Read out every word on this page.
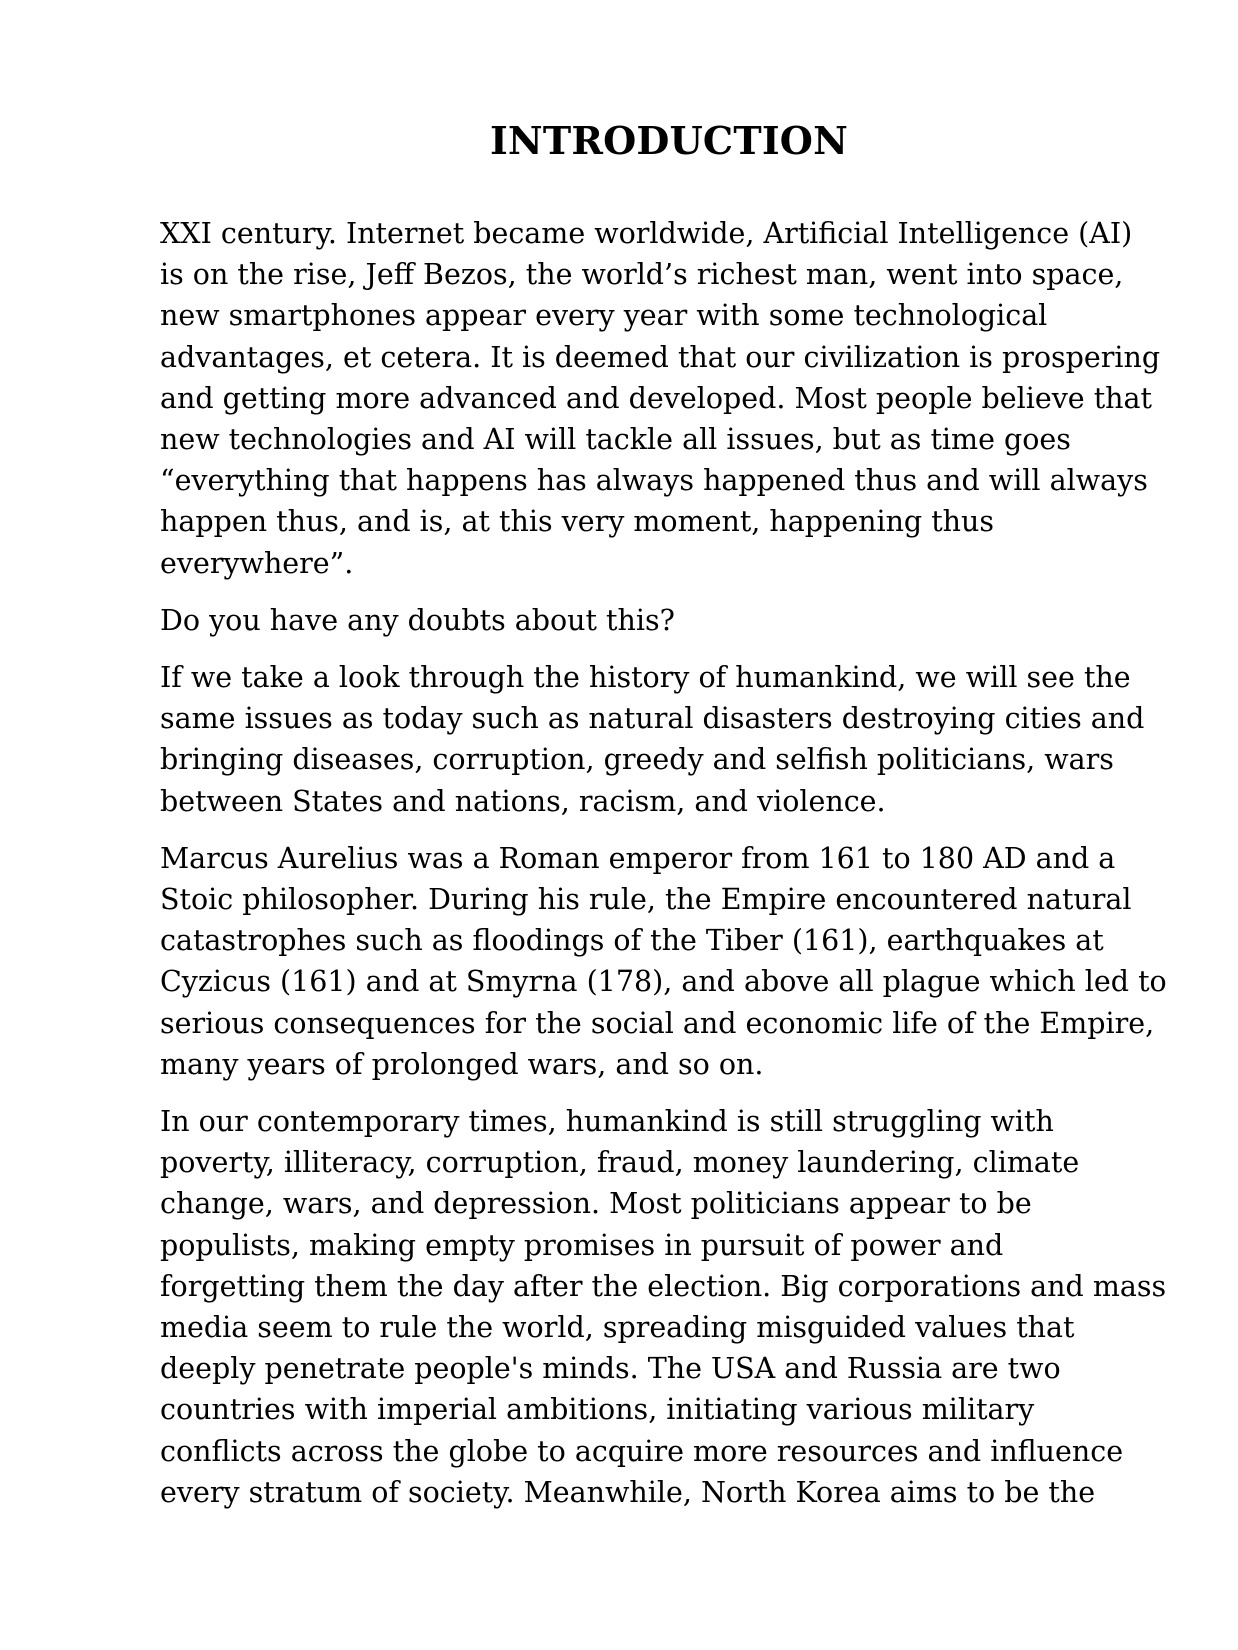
INTRODUCTION

XXI century. Internet became worldwide, Artificial Intelligence (AI)
is on the rise, Jeff Bezos, the world’s richest man, went into space,
new smartphones appear every year with some technological
advantages, et cetera. It is deemed that our civilization is prospering
and getting more advanced and developed. Most people believe that
new technologies and AI will tackle all issues, but as time goes
“everything that happens has always happened thus and will always
happen thus, and is, at this very moment, happening thus
everywhere”.

Do you have any doubts about this?

If we take a look through the history of humankind, we will see the
same issues as today such as natural disasters destroying cities and
bringing diseases, corruption, greedy and selfish politicians, wars
between States and nations, racism, and violence.

Marcus Aurelius was a Roman emperor from 161 to 180 AD and a
Stoic philosopher. During his rule, the Empire encountered natural
catastrophes such as floodings of the Tiber (161), earthquakes at
Cyzicus (161) and at Smyrna (178), and above all plague which led to
serious consequences for the social and economic life of the Empire,
many years of prolonged wars, and so on.

In our contemporary times, humankind is still struggling with
poverty, illiteracy, corruption, fraud, money laundering, climate
change, wars, and depression. Most politicians appear to be
populists, making empty promises in pursuit of power and
forgetting them the day after the election. Big corporations and mass
media seem to rule the world, spreading misguided values that
deeply penetrate people's minds. The USA and Russia are two
countries with imperial ambitions, initiating various military
conflicts across the globe to acquire more resources and influence
every stratum of society. Meanwhile, North Korea aims to be the
